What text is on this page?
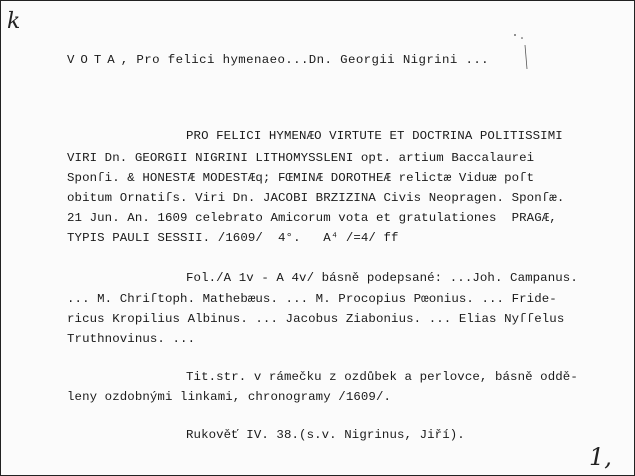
k
VOTA, Pro felici hymenaeo...Dn. Georgii Nigrini ...
PRO FELICI HYMENÆO VIRTUTE ET DOCTRINA POLITISSIMI
VIRI Dn. GEORGII NIGRINI LITHOMYSSLENI opt. artium Baccalaurei
Sponſi. & HONESTÆ MODESTÆq; FŒMINÆ DOROTHEÆ relictæ Viduæ poſt
obitum Ornatiſs. Viri Dn. JACOBI BRZIZINA Civis Neopragen. Sponſæ.
21 Jun. An. 1609 celebrato Amicorum vota et gratulationes  PRAGÆ,
TYPIS PAULI SESSII. /1609/  4°.   A⁴ /=4/ ff
Fol./A 1v - A 4v/ básně podepsané: ...Joh. Campanus.
... M. Chriſtoph. Mathebæus. ... M. Procopius Pœonius. ... Fride-
ricus Kropilius Albinus. ... Jacobus Ziabonius. ... Elias Nyſſelus
Truthnovinus. ...
Tit.str. v rámečku z ozdůbek a perlovce, básně oddě-
leny ozdobnými linkami, chronogramy /1609/.
Rukověť IV. 38.(s.v. Nigrinus, Jiří).
1,
